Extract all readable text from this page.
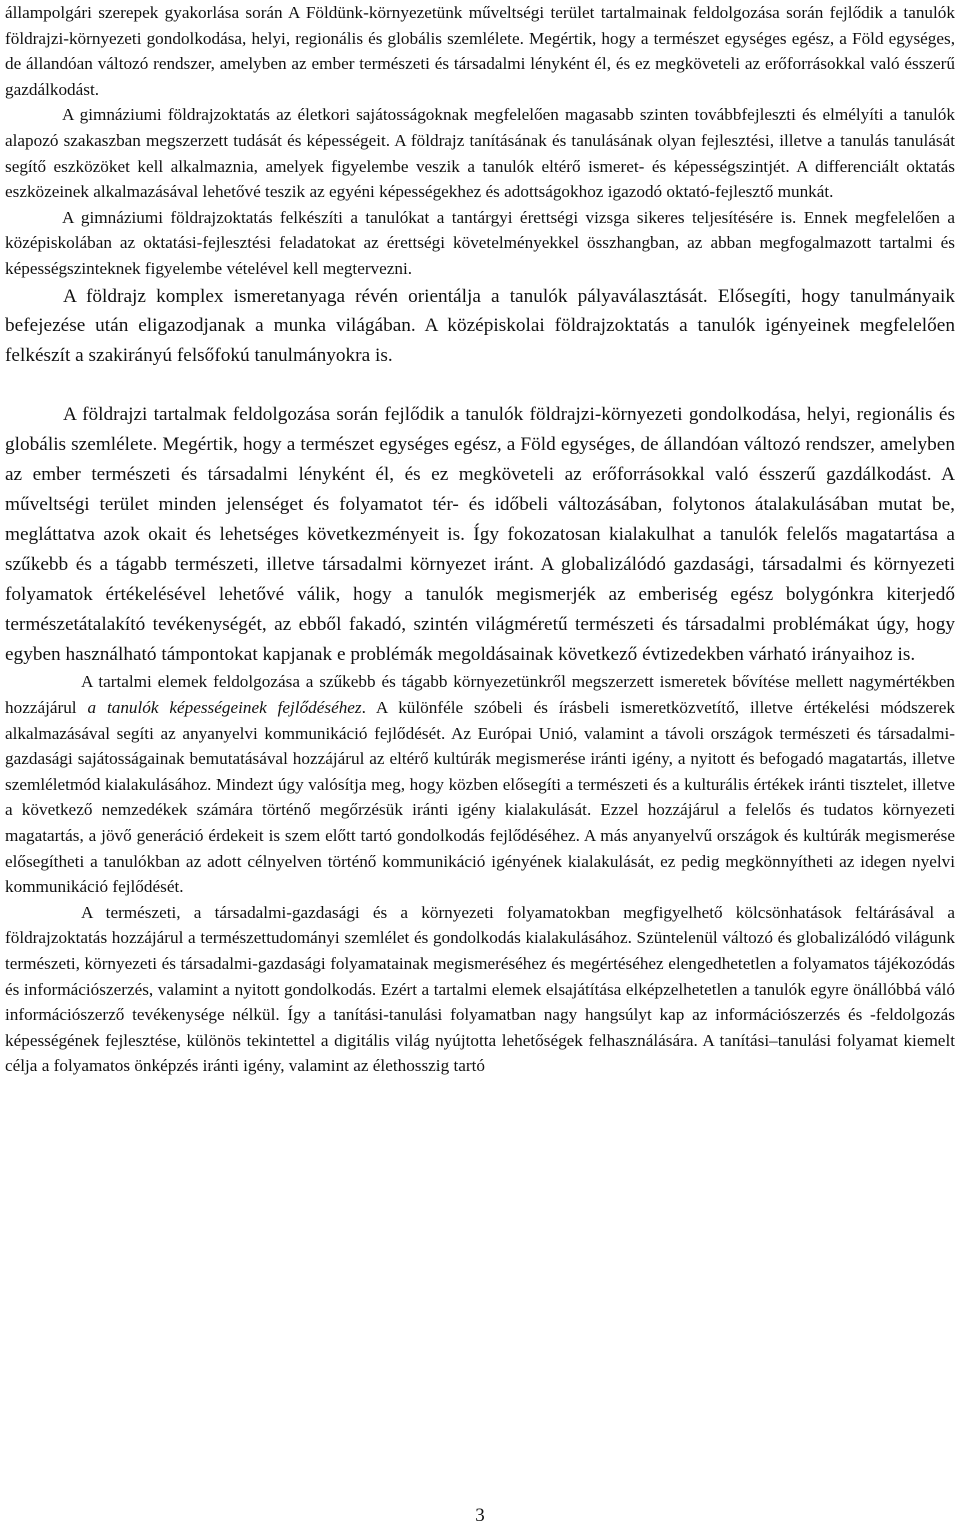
állampolgári szerepek gyakorlása során A Földünk-környezetünk műveltségi terület tartalmainak feldolgozása során fejlődik a tanulók földrajzi-környezeti gondolkodása, helyi, regionális és globális szemlélete. Megértik, hogy a természet egységes egész, a Föld egységes, de állandóan változó rendszer, amelyben az ember természeti és társadalmi lényként él, és ez megköveteli az erőforrásokkal való ésszerű gazdálkodást.

A gimnáziumi földrajzoktatás az életkori sajátosságoknak megfelelően magasabb szinten továbbfejleszti és elmélyíti a tanulók alapozó szakaszban megszerzett tudását és képességeit. A földrajz tanításának és tanulásának olyan fejlesztési, illetve a tanulás tanulását segítő eszközöket kell alkalmaznia, amelyek figyelembe veszik a tanulók eltérő ismeret- és képességszintjét. A differenciált oktatás eszközeinek alkalmazásával lehetővé teszik az egyéni képességekhez és adottságokhoz igazodó oktató-fejlesztő munkát.

A gimnáziumi földrajzoktatás felkészíti a tanulókat a tantárgyi érettségi vizsga sikeres teljesítésére is. Ennek megfelelően a középiskolában az oktatási-fejlesztési feladatokat az érettségi követelményekkel összhangban, az abban megfogalmazott tartalmi és képességszinteknek figyelembe vételével kell megtervezni.

A földrajz komplex ismeretanyaga révén orientálja a tanulók pályaválasztását. Elősegíti, hogy tanulmányaik befejezése után eligazodjanak a munka világában. A középiskolai földrajzoktatás a tanulók igényeinek megfelelően felkészít a szakirányú felsőfokú tanulmányokra is.

A földrajzi tartalmak feldolgozása során fejlődik a tanulók földrajzi-környezeti gondolkodása, helyi, regionális és globális szemlélete. Megértik, hogy a természet egységes egész, a Föld egységes, de állandóan változó rendszer, amelyben az ember természeti és társadalmi lényként él, és ez megköveteli az erőforrásokkal való ésszerű gazdálkodást. A műveltségi terület minden jelenséget és folyamatot tér- és időbeli változásában, folytonos átalakulásában mutat be, megláttatva azok okait és lehetséges következményeit is. Így fokozatosan kialakulhat a tanulók felelős magatartása a szűkebb és a tágabb természeti, illetve társadalmi környezet iránt. A globalizálódó gazdasági, társadalmi és környezeti folyamatok értékelésével lehetővé válik, hogy a tanulók megismerjék az emberiség egész bolygónkra kiterjedő természetátalakító tevékenységét, az ebből fakadó, szintén világméretű természeti és társadalmi problémákat úgy, hogy egyben használható támpontokat kapjanak e problémák megoldásainak következő évtizedekben várható irányaihoz is.

A tartalmi elemek feldolgozása a szűkebb és tágabb környezetünkről megszerzett ismeretek bővítése mellett nagymértékben hozzájárul a tanulók képességeinek fejlődéséhez. A különféle szóbeli és írásbeli ismeretközvetítő, illetve értékelési módszerek alkalmazásával segíti az anyanyelvi kommunikáció fejlődését. Az Európai Unió, valamint a távoli országok természeti és társadalmi-gazdasági sajátosságainak bemutatásával hozzájárul az eltérő kultúrák megismerése iránti igény, a nyitott és befogadó magatartás, illetve szemléletmód kialakulásához. Mindezt úgy valósítja meg, hogy közben elősegíti a természeti és a kulturális értékek iránti tisztelet, illetve a következő nemzedékek számára történő megőrzésük iránti igény kialakulását. Ezzel hozzájárul a felelős és tudatos környezeti magatartás, a jövő generáció érdekeit is szem előtt tartó gondolkodás fejlődéséhez. A más anyanyelvű országok és kultúrák megismerése elősegítheti a tanulókban az adott célnyelven történő kommunikáció igényének kialakulását, ez pedig megkönnyítheti az idegen nyelvi kommunikáció fejlődését.

A természeti, a társadalmi-gazdasági és a környezeti folyamatokban megfigyelhető kölcsönhatások feltárásával a földrajzoktatás hozzájárul a természettudományi szemlélet és gondolkodás kialakulásához. Szüntelenül változó és globalizálódó világunk természeti, környezeti és társadalmi-gazdasági folyamatainak megismeréséhez és megértéséhez elengedhetetlen a folyamatos tájékozódás és információszerzés, valamint a nyitott gondolkodás. Ezért a tartalmi elemek elsajátítása elképzelhetetlen a tanulók egyre önállóbbá váló információszerző tevékenysége nélkül. Így a tanítási-tanulási folyamatban nagy hangsúlyt kap az információszerzés és -feldolgozás képességének fejlesztése, különös tekintettel a digitális világ nyújtotta lehetőségek felhasználására. A tanítási–tanulási folyamat kiemelt célja a folyamatos önképzés iránti igény, valamint az élethosszig tartó

3
